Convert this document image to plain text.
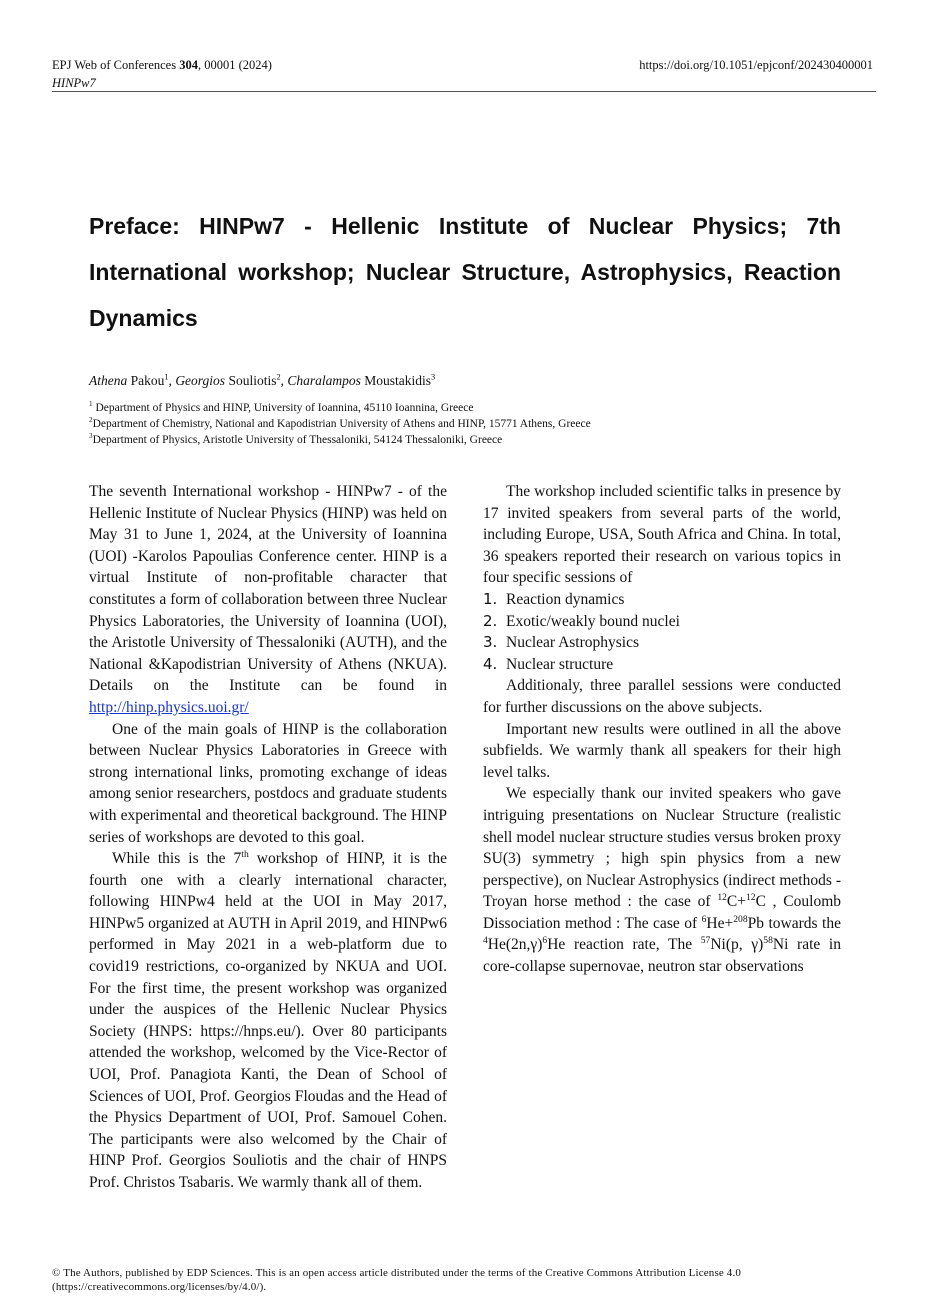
EPJ Web of Conferences 304, 00001 (2024)
HINPw7
https://doi.org/10.1051/epjconf/202430400001
Preface: HINPw7 - Hellenic Institute of Nuclear Physics; 7th International workshop; Nuclear Structure, Astrophysics, Reaction Dynamics
Athena Pakou$^1$, Georgios Souliotis$^2$, Charalampos Moustakidis$^3$
$^1$ Department of Physics and HINP, University of Ioannina, 45110 Ioannina, Greece
$^2$Department of Chemistry, National and Kapodistrian University of Athens and HINP, 15771 Athens, Greece
$^3$Department of Physics, Aristotle University of Thessaloniki, 54124 Thessaloniki, Greece

The seventh International workshop - HINPw7 - of the Hellenic Institute of Nuclear Physics (HINP) was held on May 31 to June 1, 2024, at the University of Ioannina (UOI) -Karolos Papoulias Conference center. HINP is a virtual Institute of non-profitable character that constitutes a form of collaboration between three Nuclear Physics Laboratories, the University of Ioannina (UOI), the Aristotle University of Thessaloniki (AUTH), and the National &Kapodistrian University of Athens (NKUA). Details on the Institute can be found in http://hinp.physics.uoi.gr/

One of the main goals of HINP is the collaboration between Nuclear Physics Laboratories in Greece with strong international links, promoting exchange of ideas among senior researchers, postdocs and graduate students with experimental and theoretical background. The HINP series of workshops are devoted to this goal.

While this is the 7th workshop of HINP, it is the fourth one with a clearly international character, following HINPw4 held at the UOI in May 2017, HINPw5 organized at AUTH in April 2019, and HINPw6 performed in May 2021 in a web-platform due to covid19 restrictions, co-organized by NKUA and UOI. For the first time, the present workshop was organized under the auspices of the Hellenic Nuclear Physics Society (HNPS: https://hnps.eu/). Over 80 participants attended the workshop, welcomed by the Vice-Rector of UOI, Prof. Panagiota Kanti, the Dean of School of Sciences of UOI, Prof. Georgios Floudas and the Head of the Physics Department of UOI, Prof. Samouel Cohen. The participants were also welcomed by the Chair of HINP Prof. Georgios Souliotis and the chair of HNPS Prof. Christos Tsabaris. We warmly thank all of them.

The workshop included scientific talks in presence by 17 invited speakers from several parts of the world, including Europe, USA, South Africa and China. In total, 36 speakers reported their research on various topics in four specific sessions of

1. Reaction dynamics
2. Exotic/weakly bound nuclei
3. Nuclear Astrophysics
4. Nuclear structure

Additionaly, three parallel sessions were conducted for further discussions on the above subjects.

Important new results were outlined in all the above subfields. We warmly thank all speakers for their high level talks.

We especially thank our invited speakers who gave intriguing presentations on Nuclear Structure (realistic shell model nuclear structure studies versus broken proxy SU(3) symmetry ; high spin physics from a new perspective), on Nuclear Astrophysics (indirect methods - Troyan horse method : the case of $^{12}$C+$^{12}$C , Coulomb Dissociation method : The case of $^6$He+$^{208}$Pb towards the $^4He(2n,\gamma)^6He$ reaction rate, The $^{57}$Ni(p, γ)$^{58}$Ni rate in core-collapse supernovae, neutron star observations

© The Authors, published by EDP Sciences. This is an open access article distributed under the terms of the Creative Commons Attribution License 4.0 (https://creativecommons.org/licenses/by/4.0/).
